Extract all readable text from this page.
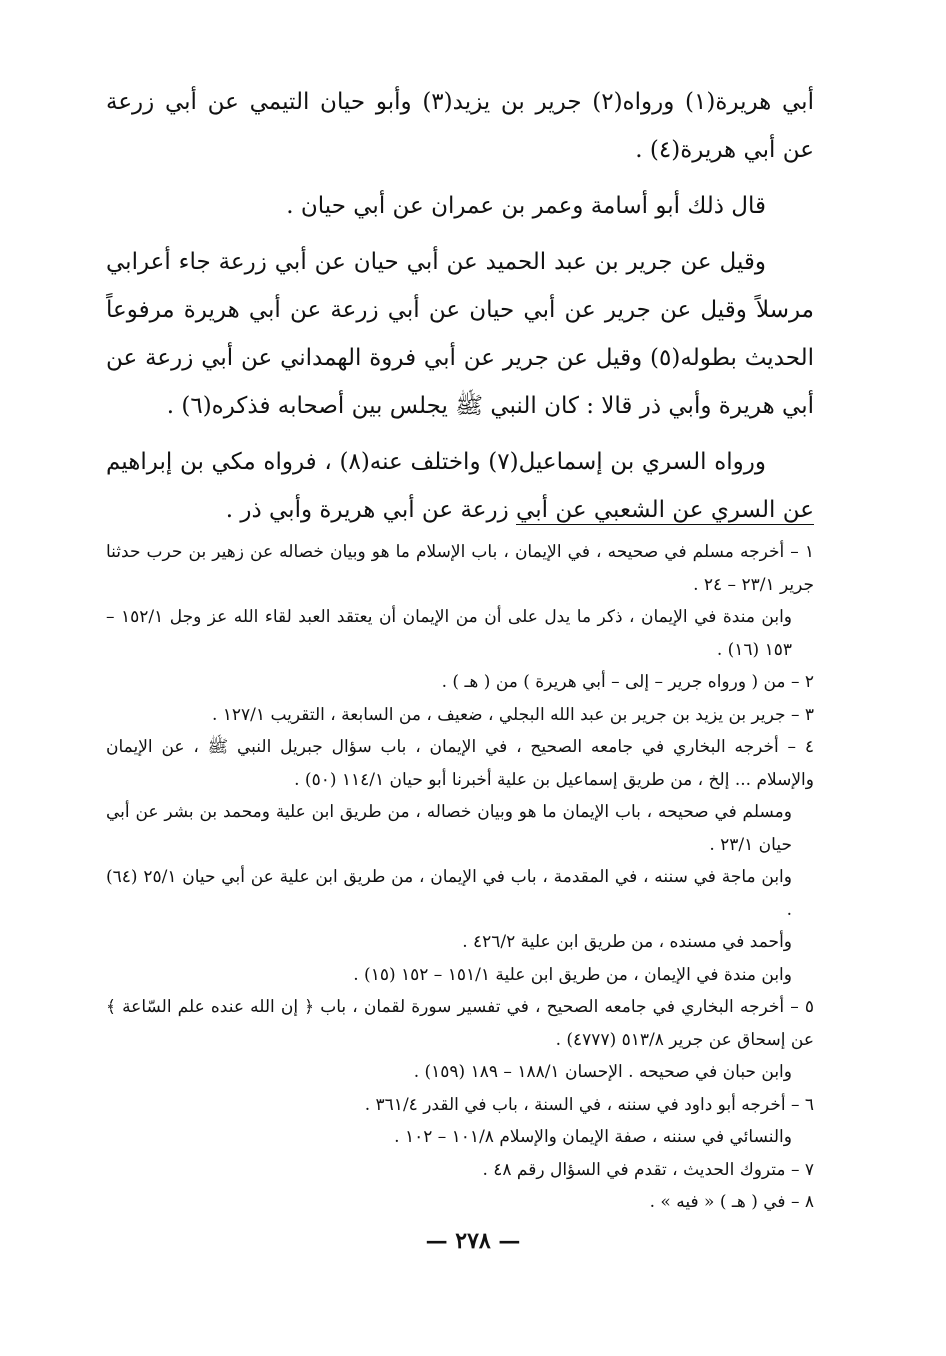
أبي هريرة(١) ورواه(٢) جرير بن يزيد(٣) وأبو حيان التيمي عن أبي زرعة عن أبي هريرة(٤) .

قال ذلك أبو أسامة وعمر بن عمران عن أبي حيان .

وقيل عن جرير بن عبد الحميد عن أبي حيان عن أبي زرعة جاء أعرابي مرسلاً وقيل عن جرير عن أبي حيان عن أبي زرعة عن أبي هريرة مرفوعاً الحديث بطوله(٥) وقيل عن جرير عن أبي فروة الهمداني عن أبي زرعة عن أبي هريرة وأبي ذر قالا : كان النبي ﷺ يجلس بين أصحابه فذكره(٦) .

ورواه السري بن إسماعيل(٧) واختلف عنه(٨) ، فرواه مكي بن إبراهيم عن السري عن الشعبي عن أبي زرعة عن أبي هريرة وأبي ذر .

١ – أخرجه مسلم في صحيحه ، في الإيمان ، باب الإسلام ما هو وبيان خصاله عن زهير بن حرب حدثنا جرير ٢٣/١ – ٢٤ .

وابن مندة في الإيمان ، ذكر ما يدل على أن من الإيمان أن يعتقد العبد لقاء الله عز وجل ١٥٢/١ – ١٥٣ (١٦) .

٢ – من ( ورواه جرير – إلى – أبي هريرة ) من ( هـ ) .

٣ – جرير بن يزيد بن جرير بن عبد الله البجلي ، ضعيف ، من السابعة ، التقريب ١٢٧/١ .

٤ – أخرجه البخاري في جامعه الصحيح ، في الإيمان ، باب سؤال جبريل النبي ﷺ ، عن الإيمان والإسلام ... إلخ ، من طريق إسماعيل بن علية أخبرنا أبو حيان ١١٤/١ (٥٠) .

ومسلم في صحيحه ، باب الإيمان ما هو وبيان خصاله ، من طريق ابن علية ومحمد بن بشر عن أبي حيان ٢٣/١ .

وابن ماجة في سننه ، في المقدمة ، باب في الإيمان ، من طريق ابن علية عن أبي حيان ٢٥/١ (٦٤) .

وأحمد في مسنده ، من طريق ابن علية ٤٢٦/٢ .

وابن مندة في الإيمان ، من طريق ابن علية ١٥١/١ – ١٥٢ (١٥) .

٥ – أخرجه البخاري في جامعه الصحيح ، في تفسير سورة لقمان ، باب ﴿ إن الله عنده علم السّاعة ﴾ عن إسحاق عن جرير ٥١٣/٨ (٤٧٧٧) .

وابن حبان في صحيحه . الإحسان ١٨٨/١ – ١٨٩ (١٥٩) .

٦ – أخرجه أبو داود في سننه ، في السنة ، باب في القدر ٣٦١/٤ .

والنسائي في سننه ، صفة الإيمان والإسلام ١٠١/٨ – ١٠٢ .

٧ – متروك الحديث ، تقدم في السؤال رقم ٤٨ .

٨ – في ( هـ ) « فيه » .

— ٢٧٨ —
